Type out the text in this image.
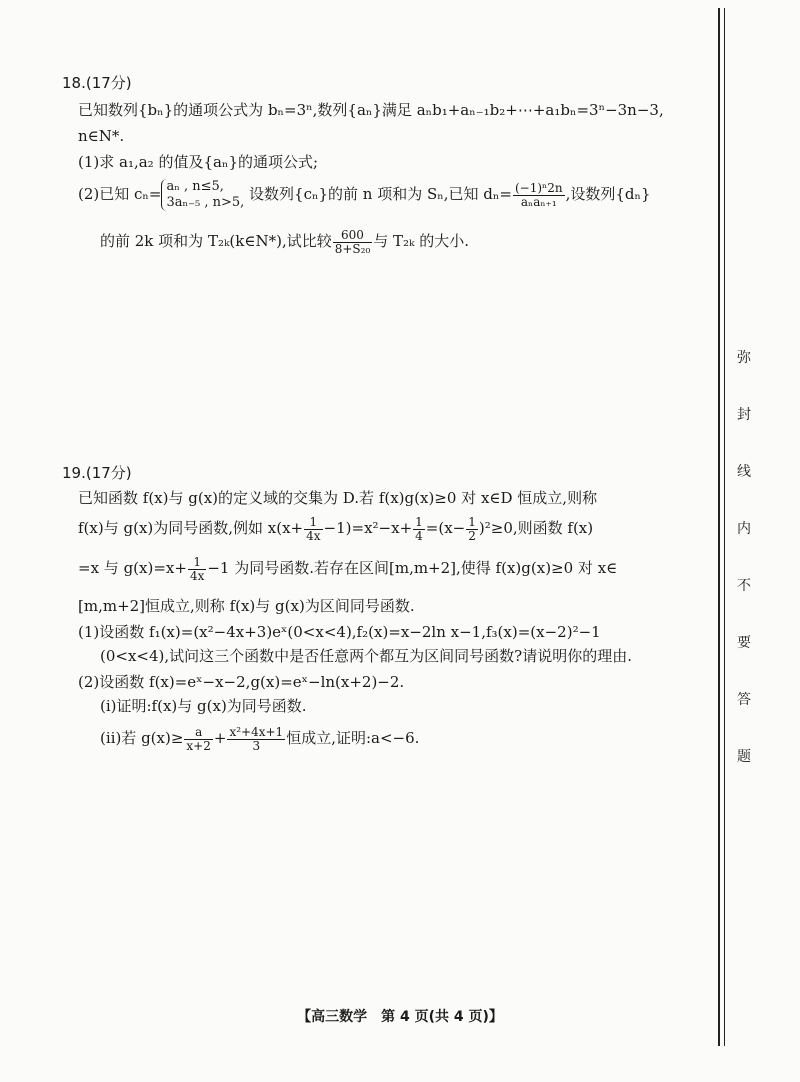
弥
封
线
内
不
要
答
题
18.(17分)
已知数列{bₙ}的通项公式为 bₙ=3ⁿ,数列{aₙ}满足 aₙb₁+aₙ₋₁b₂+⋯+a₁bₙ=3ⁿ−3n−3,
n∈N*.
(1)求 a₁,a₂ 的值及{aₙ}的通项公式;
(2)已知 cₙ= aₙ , n≤5,
3aₙ₋₅ , n>5, 设数列{cₙ}的前 n 项和为 Sₙ,已知 $d_n= \frac{\text{(−1)ⁿ2n}}{\text{aₙaₙ₊₁}}$ ,设数列{dₙ}
的前 2k 项和为 T₂ₖ(k∈N*),试比较 $\frac{600}{\text{8+S₂₀}}$ 与 T₂ₖ 的大小.
19.(17分)
已知函数 f(x)与 g(x)的定义域的交集为 D.若 f(x)g(x)≥0 对 x∈D 恒成立,则称
f(x)与 g(x)为同号函数,例如 $x(x+ \frac{1}{4x} -1)=x^2-x+ \frac{1}{4} =(x- \frac{1}{2} )^2\ge 0$,则函数 f(x)
=x 与 $g(x)=x+ \frac{1}{4x} -1$ 为同号函数.若存在区间[m,m+2],使得 f(x)g(x)≥0 对 x∈
[m,m+2]恒成立,则称 f(x)与 g(x)为区间同号函数.
(1)设函数 f₁(x)=(x²−4x+3)eˣ(0<x<4),f₂(x)=x−2ln x−1,f₃(x)=(x−2)²−1
(0<x<4),试问这三个函数中是否任意两个都互为区间同号函数?请说明你的理由.
(2)设函数 f(x)=eˣ−x−2,g(x)=eˣ−ln(x+2)−2.
(ⅰ)证明:f(x)与 g(x)为同号函数.
(ⅱ)若 $g(x)\ge \frac{a}{x+2} + \frac{\text{x²+4x+1}}{3}$ 恒成立,证明:a<−6.
【高三数学　第 4 页(共 4 页)】
